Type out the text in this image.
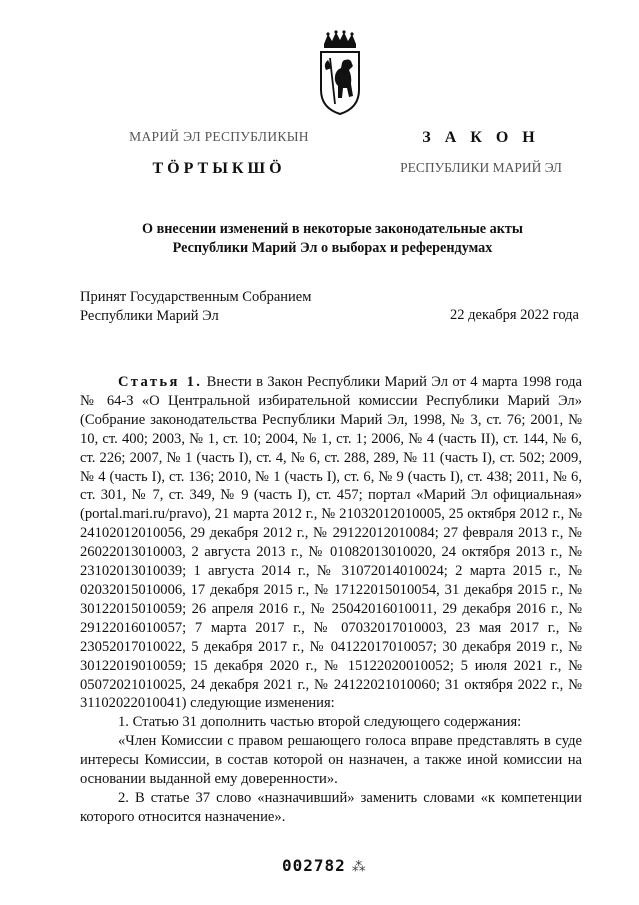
МАРИЙ ЭЛ РЕСПУБЛИКЫН
ТӦРТЫКШӦ
З А К О Н
РЕСПУБЛИКИ МАРИЙ ЭЛ
О внесении изменений в некоторые законодательные акты
Республики Марий Эл о выборах и референдумах
Принят Государственным Собранием
Республики Марий Эл	22 декабря 2022 года

Статья 1. Внести в Закон Республики Марий Эл от 4 марта 1998 года № 64-З «О Центральной избирательной комиссии Республики Марий Эл» (Собрание законодательства Республики Марий Эл, 1998, № 3, ст. 76; 2001, № 10, ст. 400; 2003, № 1, ст. 10; 2004, № 1, ст. 1; 2006, № 4 (часть II), ст. 144, № 6, ст. 226; 2007, № 1 (часть I), ст. 4, № 6, ст. 288, 289, № 11 (часть I), ст. 502; 2009, № 4 (часть I), ст. 136; 2010, № 1 (часть I), ст. 6, № 9 (часть I), ст. 438; 2011, № 6, ст. 301, № 7, ст. 349, № 9 (часть I), ст. 457; портал «Марий Эл официальная» (portal.mari.ru/pravo), 21 марта 2012 г., № 21032012010005, 25 октября 2012 г., № 24102012010056, 29 декабря 2012 г., № 29122012010084; 27 февраля 2013 г., № 26022013010003, 2 августа 2013 г., № 01082013010020, 24 октября 2013 г., № 23102013010039; 1 августа 2014 г., № 31072014010024; 2 марта 2015 г., № 02032015010006, 17 декабря 2015 г., № 17122015010054, 31 декабря 2015 г., № 30122015010059; 26 апреля 2016 г., № 25042016010011, 29 декабря 2016 г., № 29122016010057; 7 марта 2017 г., № 07032017010003, 23 мая 2017 г., № 23052017010022, 5 декабря 2017 г., № 04122017010057; 30 декабря 2019 г., № 30122019010059; 15 декабря 2020 г., № 15122020010052; 5 июля 2021 г., № 05072021010025, 24 декабря 2021 г., № 24122021010060; 31 октября 2022 г., № 31102022010041) следующие изменения:

1. Статью 31 дополнить частью второй следующего содержания:

«Член Комиссии с правом решающего голоса вправе представлять в суде интересы Комиссии, в состав которой он назначен, а также иной комиссии на основании выданной ему доверенности».

2. В статье 37 слово «назначивший» заменить словами «к компетенции которого относится назначение».

002782 ⁂
